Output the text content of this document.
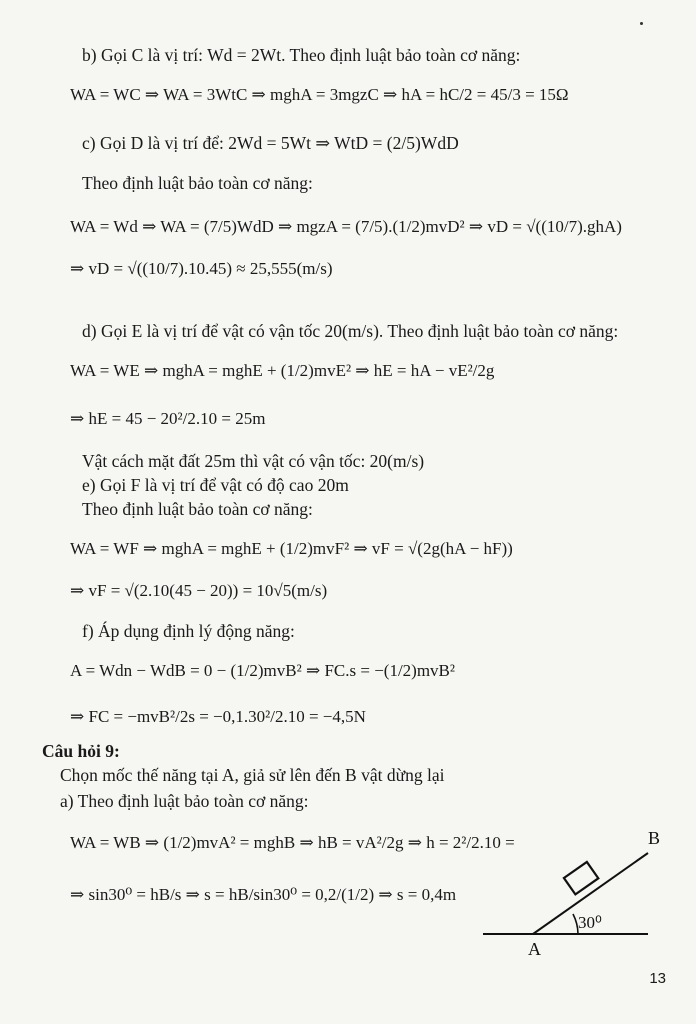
b) Gọi C là vị trí: Wd = 2Wt. Theo định luật bảo toàn cơ năng:
WA = WC ⇒ WA = 3WtC ⇒ mghA = 3mgzC ⇒ hA = hC/2 = 45/3 = 15Ω
c) Gọi D là vị trí để: 2Wd = 5Wt ⇒ WtD = (2/5)WdD
Theo định luật bảo toàn cơ năng:
WA = Wd ⇒ WA = (7/5)WdD ⇒ mgzA = (7/5).(1/2)mvD² ⇒ vD = √((10/7).ghA)
⇒ vD = √((10/7).10.45) ≈ 25,555(m/s)
d) Gọi E là vị trí để vật có vận tốc 20(m/s). Theo định luật bảo toàn cơ năng:
WA = WE ⇒ mghA = mghE + (1/2)mvE² ⇒ hE = hA − vE²/2g
⇒ hE = 45 − 20²/2.10 = 25m
Vật cách mặt đất 25m thì vật có vận tốc: 20(m/s)
e) Gọi F là vị trí để vật có độ cao 20m
Theo định luật bảo toàn cơ năng:
WA = WF ⇒ mghA = mghE + (1/2)mvF² ⇒ vF = √(2g(hA − hF))
⇒ vF = √(2.10(45 − 20)) = 10√5(m/s)
f) Áp dụng định lý động năng:
A = Wdn − WdB = 0 − (1/2)mvB² ⇒ FC.s = −(1/2)mvB²
⇒ FC = −mvB²/2s = −0,1.30²/2.10 = −4,5N
Câu hỏi 9:
Chọn mốc thế năng tại A, giả sử lên đến B vật dừng lại
a) Theo định luật bảo toàn cơ năng:
WA = WB ⇒ (1/2)mvA² = mghB ⇒ hB = vA²/2g ⇒ h = 2²/2.10 =
⇒ sin30⁰ = hB/s ⇒ s = hB/sin30⁰ = 0,2/(1/2) ⇒ s = 0,4m
30⁰
B
A
13
